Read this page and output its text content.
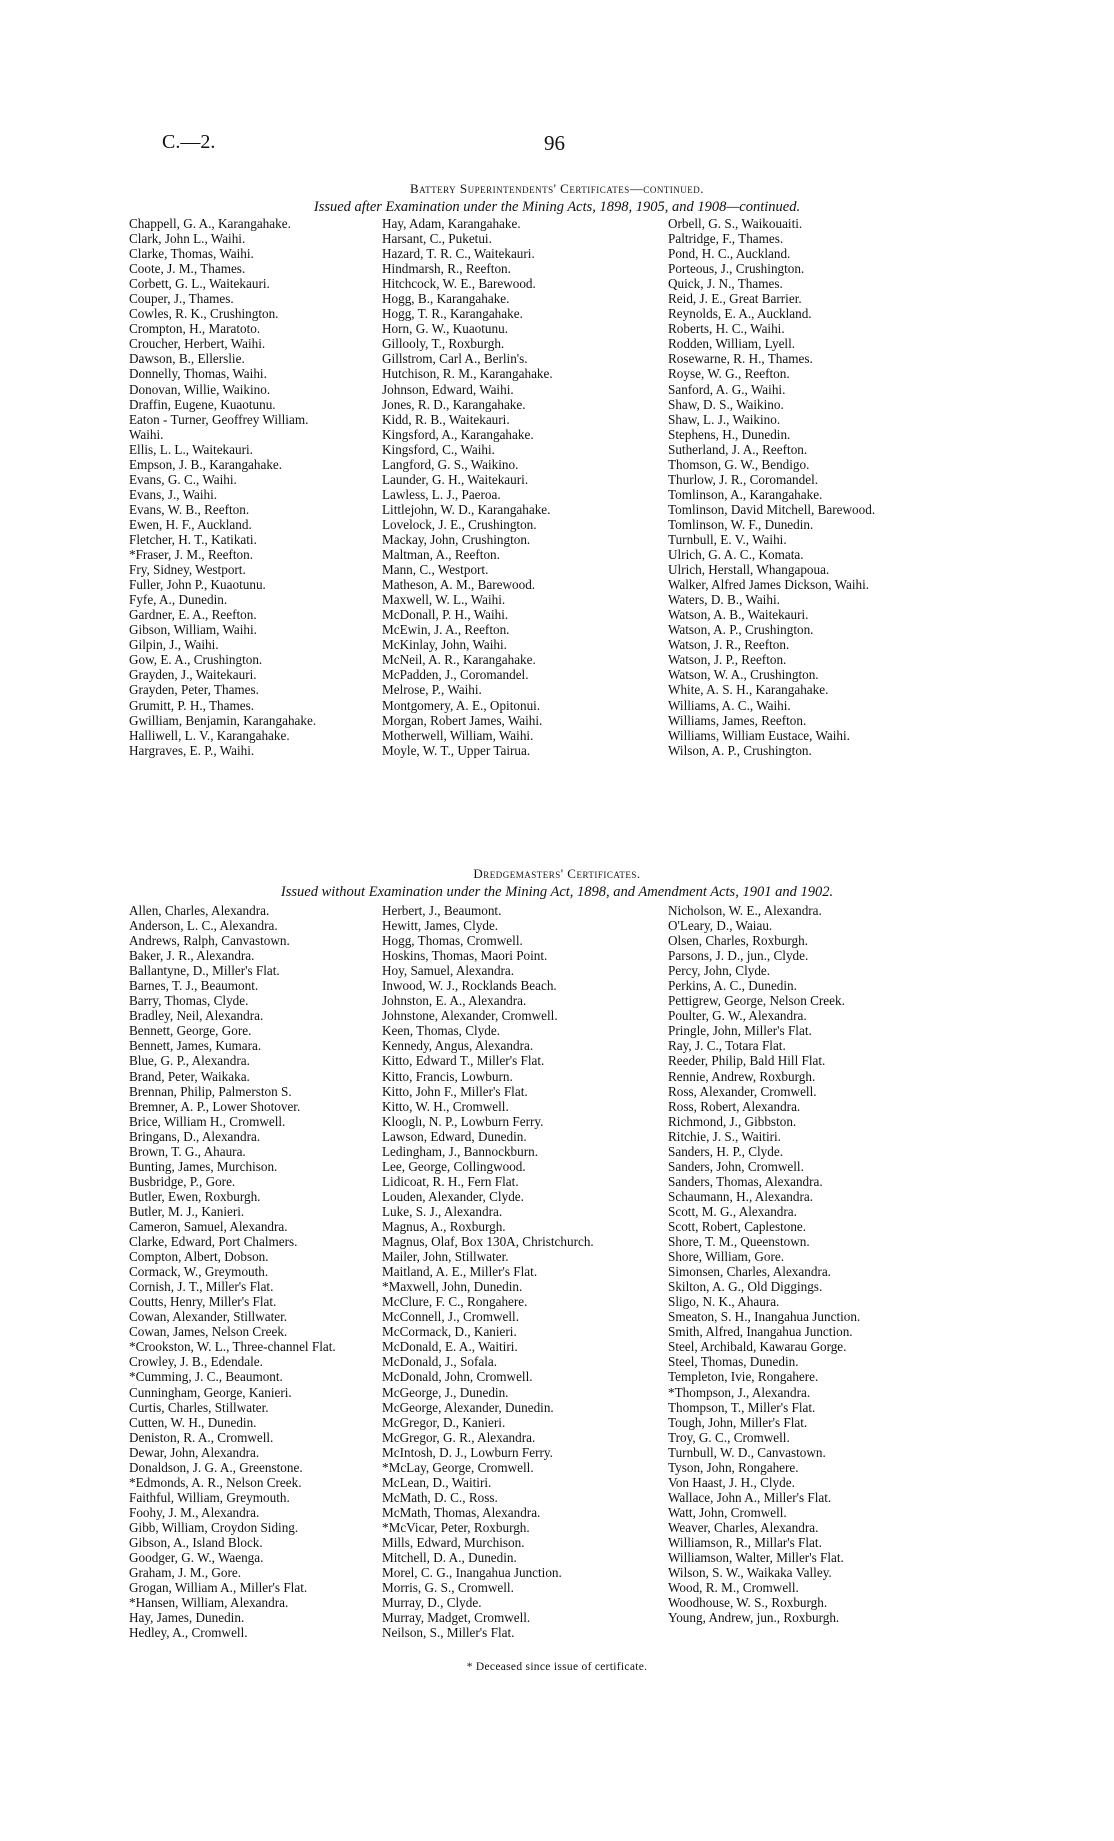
C.—2.	96
Battery Superintendents' Certificates—continued.
Issued after Examination under the Mining Acts, 1898, 1905, and 1908—continued.
Chappell, G. A., Karangahake.
Clark, John L., Waihi.
Clarke, Thomas, Waihi.
Coote, J. M., Thames.
Corbett, G. L., Waitekauri.
Couper, J., Thames.
Cowles, R. K., Crushington.
Crompton, H., Maratoto.
Croucher, Herbert, Waihi.
Dawson, B., Ellerslie.
Donnelly, Thomas, Waihi.
Donovan, Willie, Waikino.
Draffin, Eugene, Kuaotunu.
Eaton - Turner, Geoffrey William.
Waihi.
Ellis, L. L., Waitekauri.
Empson, J. B., Karangahake.
Evans, G. C., Waihi.
Evans, J., Waihi.
Evans, W. B., Reefton.
Ewen, H. F., Auckland.
Fletcher, H. T., Katikati.
*Fraser, J. M., Reefton.
Fry, Sidney, Westport.
Fuller, John P., Kuaotunu.
Fyfe, A., Dunedin.
Gardner, E. A., Reefton.
Gibson, William, Waihi.
Gilpin, J., Waihi.
Gow, E. A., Crushington.
Grayden, J., Waitekauri.
Grayden, Peter, Thames.
Grumitt, P. H., Thames.
Gwilliam, Benjamin, Karangahake.
Halliwell, L. V., Karangahake.
Hargraves, E. P., Waihi.
Hay, Adam, Karangahake.
Harsant, C., Puketui.
Hazard, T. R. C., Waitekauri.
Hindmarsh, R., Reefton.
Hitchcock, W. E., Barewood.
Hogg, B., Karangahake.
Hogg, T. R., Karangahake.
Horn, G. W., Kuaotunu.
Gillooly, T., Roxburgh.
Gillstrom, Carl A., Berlin's.
Hutchison, R. M., Karangahake.
Johnson, Edward, Waihi.
Jones, R. D., Karangahake.
Kidd, R. B., Waitekauri.
Kingsford, A., Karangahake.
Kingsford, C., Waihi.
Langford, G. S., Waikino.
Launder, G. H., Waitekauri.
Lawless, L. J., Paeroa.
Littlejohn, W. D., Karangahake.
Lovelock, J. E., Crushington.
Mackay, John, Crushington.
Maltman, A., Reefton.
Mann, C., Westport.
Matheson, A. M., Barewood.
Maxwell, W. L., Waihi.
McDonall, P. H., Waihi.
McEwin, J. A., Reefton.
McKinlay, John, Waihi.
McNeil, A. R., Karangahake.
McPadden, J., Coromandel.
Melrose, P., Waihi.
Montgomery, A. E., Opitonui.
Morgan, Robert James, Waihi.
Motherwell, William, Waihi.
Moyle, W. T., Upper Tairua.
Orbell, G. S., Waikouaiti.
Paltridge, F., Thames.
Pond, H. C., Auckland.
Porteous, J., Crushington.
Quick, J. N., Thames.
Reid, J. E., Great Barrier.
Reynolds, E. A., Auckland.
Roberts, H. C., Waihi.
Rodden, William, Lyell.
Rosewarne, R. H., Thames.
Royse, W. G., Reefton.
Sanford, A. G., Waihi.
Shaw, D. S., Waikino.
Shaw, L. J., Waikino.
Stephens, H., Dunedin.
Sutherland, J. A., Reefton.
Thomson, G. W., Bendigo.
Thurlow, J. R., Coromandel.
Tomlinson, A., Karangahake.
Tomlinson, David Mitchell, Barewood.
Tomlinson, W. F., Dunedin.
Turnbull, E. V., Waihi.
Ulrich, G. A. C., Komata.
Ulrich, Herstall, Whangapoua.
Walker, Alfred James Dickson, Waihi.
Waters, D. B., Waihi.
Watson, A. B., Waitekauri.
Watson, A. P., Crushington.
Watson, J. R., Reefton.
Watson, J. P., Reefton.
Watson, W. A., Crushington.
White, A. S. H., Karangahake.
Williams, A. C., Waihi.
Williams, James, Reefton.
Williams, William Eustace, Waihi.
Wilson, A. P., Crushington.
Dredgemasters' Certificates.
Issued without Examination under the Mining Act, 1898, and Amendment Acts, 1901 and 1902.
Allen, Charles, Alexandra.
Anderson, L. C., Alexandra.
Andrews, Ralph, Canvastown.
Baker, J. R., Alexandra.
Ballantyne, D., Miller's Flat.
Barnes, T. J., Beaumont.
Barry, Thomas, Clyde.
Bradley, Neil, Alexandra.
Bennett, George, Gore.
Bennett, James, Kumara.
Blue, G. P., Alexandra.
Brand, Peter, Waikaka.
Brennan, Philip, Palmerston S.
Bremner, A. P., Lower Shotover.
Brice, William H., Cromwell.
Bringans, D., Alexandra.
Brown, T. G., Ahaura.
Bunting, James, Murchison.
Busbridge, P., Gore.
Butler, Ewen, Roxburgh.
Butler, M. J., Kanieri.
Cameron, Samuel, Alexandra.
Clarke, Edward, Port Chalmers.
Compton, Albert, Dobson.
Cormack, W., Greymouth.
Cornish, J. T., Miller's Flat.
Coutts, Henry, Miller's Flat.
Cowan, Alexander, Stillwater.
Cowan, James, Nelson Creek.
*Crookston, W. L., Three-channel Flat.
Crowley, J. B., Edendale.
*Cumming, J. C., Beaumont.
Cunningham, George, Kanieri.
Curtis, Charles, Stillwater.
Cutten, W. H., Dunedin.
Deniston, R. A., Cromwell.
Dewar, John, Alexandra.
Donaldson, J. G. A., Greenstone.
*Edmonds, A. R., Nelson Creek.
Faithful, William, Greymouth.
Foohy, J. M., Alexandra.
Gibb, William, Croydon Siding.
Gibson, A., Island Block.
Goodger, G. W., Waenga.
Graham, J. M., Gore.
Grogan, William A., Miller's Flat.
*Hansen, William, Alexandra.
Hay, James, Dunedin.
Hedley, A., Cromwell.
Herbert, J., Beaumont.
Hewitt, James, Clyde.
Hogg, Thomas, Cromwell.
Hoskins, Thomas, Maori Point.
Hoy, Samuel, Alexandra.
Inwood, W. J., Rocklands Beach.
Johnston, E. A., Alexandra.
Johnstone, Alexander, Cromwell.
Keen, Thomas, Clyde.
Kennedy, Angus, Alexandra.
Kitto, Edward T., Miller's Flat.
Kitto, Francis, Lowburn.
Kitto, John F., Miller's Flat.
Kitto, W. H., Cromwell.
Klooglı, N. P., Lowburn Ferry.
Lawson, Edward, Dunedin.
Ledingham, J., Bannockburn.
Lee, George, Collingwood.
Lidicoat, R. H., Fern Flat.
Louden, Alexander, Clyde.
Luke, S. J., Alexandra.
Magnus, A., Roxburgh.
Magnus, Olaf, Box 130A, Christchurch.
Mailer, John, Stillwater.
Maitland, A. E., Miller's Flat.
*Maxwell, John, Dunedin.
McClure, F. C., Rongahere.
McConnell, J., Cromwell.
McCormack, D., Kanieri.
McDonald, E. A., Waitiri.
McDonald, J., Sofala.
McDonald, John, Cromwell.
McGeorge, J., Dunedin.
McGeorge, Alexander, Dunedin.
McGregor, D., Kanieri.
McGregor, G. R., Alexandra.
McIntosh, D. J., Lowburn Ferry.
*McLay, George, Cromwell.
McLean, D., Waitiri.
McMath, D. C., Ross.
McMath, Thomas, Alexandra.
*McVicar, Peter, Roxburgh.
Mills, Edward, Murchison.
Mitchell, D. A., Dunedin.
Morel, C. G., Inangahua Junction.
Morris, G. S., Cromwell.
Murray, D., Clyde.
Murray, Madget, Cromwell.
Neilson, S., Miller's Flat.
Nicholson, W. E., Alexandra.
O'Leary, D., Waiau.
Olsen, Charles, Roxburgh.
Parsons, J. D., jun., Clyde.
Percy, John, Clyde.
Perkins, A. C., Dunedin.
Pettigrew, George, Nelson Creek.
Poulter, G. W., Alexandra.
Pringle, John, Miller's Flat.
Ray, J. C., Totara Flat.
Reeder, Philip, Bald Hill Flat.
Rennie, Andrew, Roxburgh.
Ross, Alexander, Cromwell.
Ross, Robert, Alexandra.
Richmond, J., Gibbston.
Ritchie, J. S., Waitiri.
Sanders, H. P., Clyde.
Sanders, John, Cromwell.
Sanders, Thomas, Alexandra.
Schaumann, H., Alexandra.
Scott, M. G., Alexandra.
Scott, Robert, Caplestone.
Shore, T. M., Queenstown.
Shore, William, Gore.
Simonsen, Charles, Alexandra.
Skilton, A. G., Old Diggings.
Sligo, N. K., Ahaura.
Smeaton, S. H., Inangahua Junction.
Smith, Alfred, Inangahua Junction.
Steel, Archibald, Kawarau Gorge.
Steel, Thomas, Dunedin.
Templeton, Ivie, Rongahere.
*Thompson, J., Alexandra.
Thompson, T., Miller's Flat.
Tough, John, Miller's Flat.
Troy, G. C., Cromwell.
Turnbull, W. D., Canvastown.
Tyson, John, Rongahere.
Von Haast, J. H., Clyde.
Wallace, John A., Miller's Flat.
Watt, John, Cromwell.
Weaver, Charles, Alexandra.
Williamson, R., Millar's Flat.
Williamson, Walter, Miller's Flat.
Wilson, S. W., Waikaka Valley.
Wood, R. M., Cromwell.
Woodhouse, W. S., Roxburgh.
Young, Andrew, jun., Roxburgh.
* Deceased since issue of certificate.
